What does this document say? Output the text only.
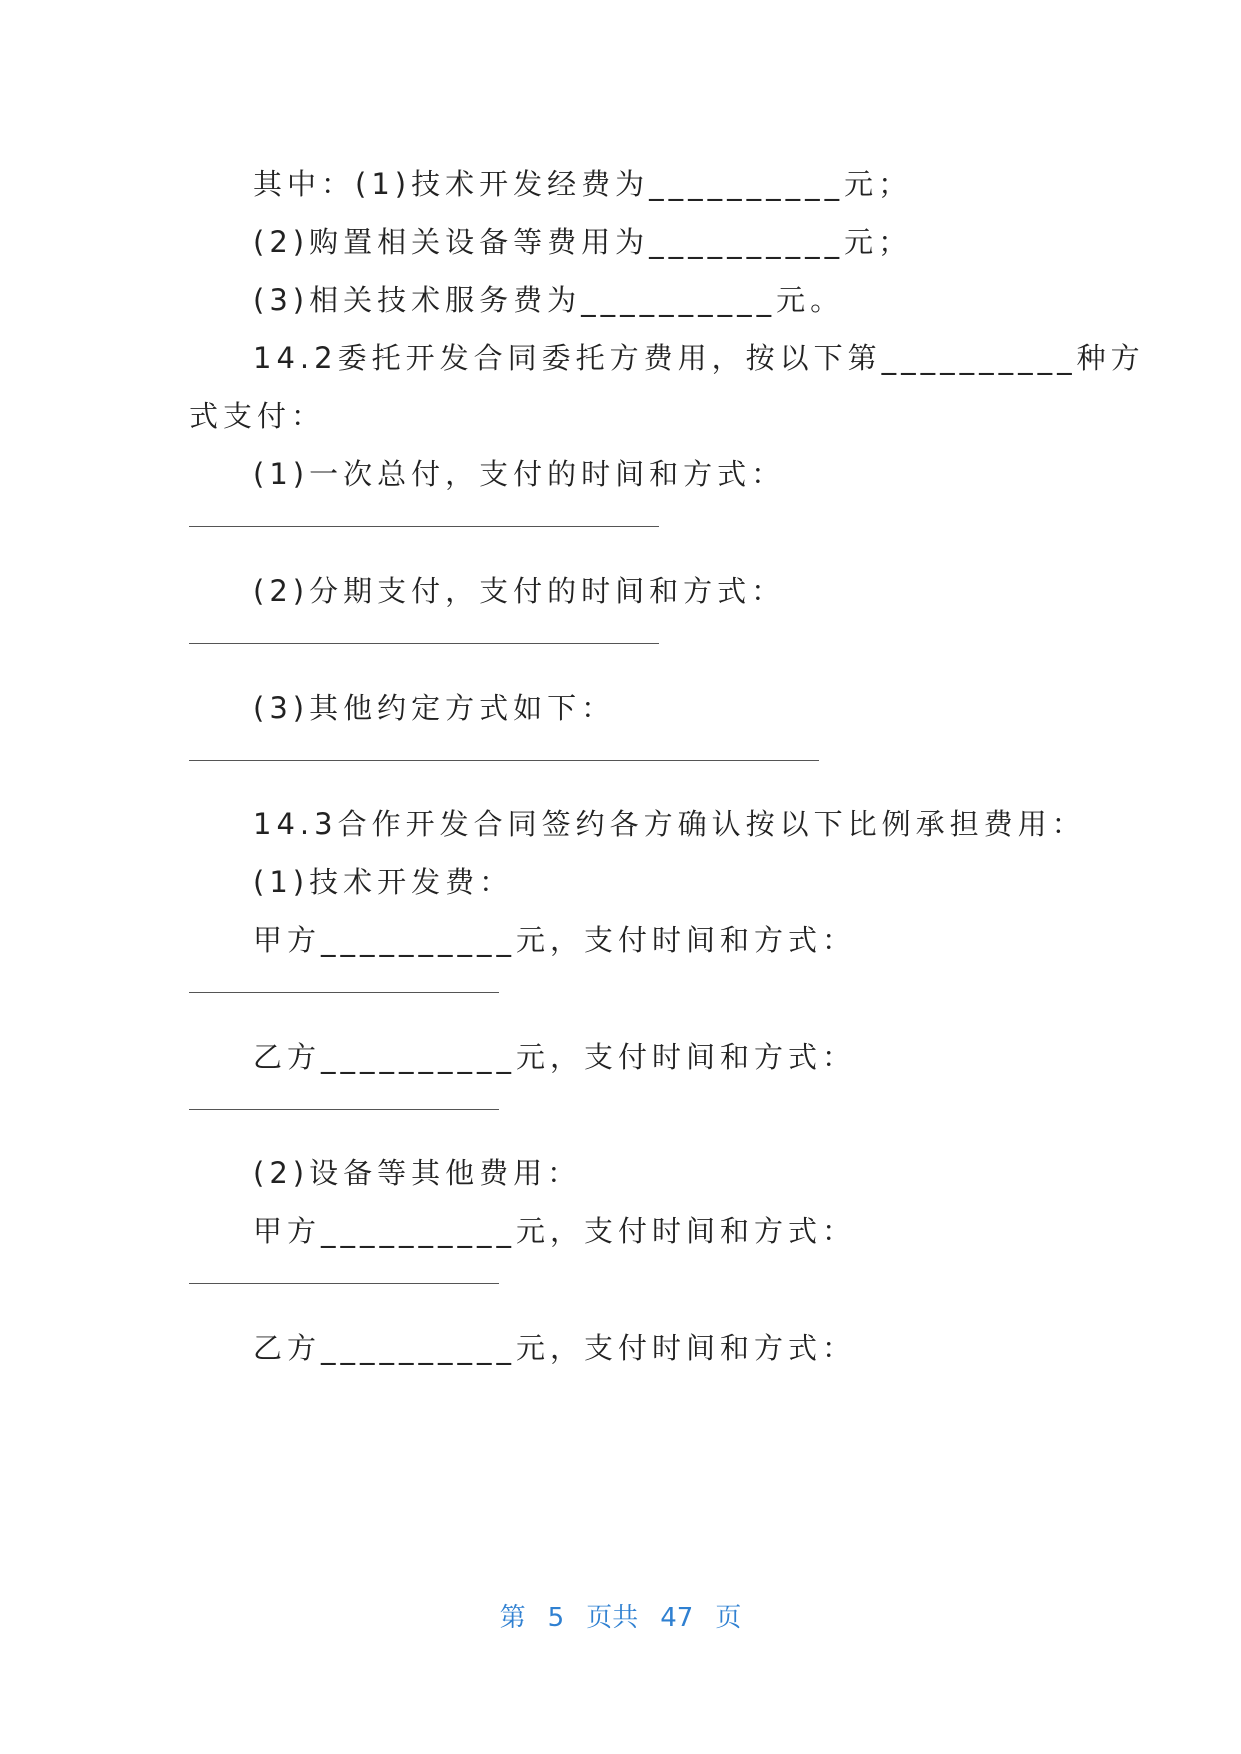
其中：(1)技术开发经费为__________元；
(2)购置相关设备等费用为__________元；
(3)相关技术服务费为__________元。
14.2委托开发合同委托方费用，按以下第__________种方
式支付：
(1)一次总付，支付的时间和方式：
(2)分期支付，支付的时间和方式：
(3)其他约定方式如下：
14.3合作开发合同签约各方确认按以下比例承担费用：
(1)技术开发费：
甲方__________元，支付时间和方式：
乙方__________元，支付时间和方式：
(2)设备等其他费用：
甲方__________元，支付时间和方式：
乙方__________元，支付时间和方式：
第 5 页共 47 页
